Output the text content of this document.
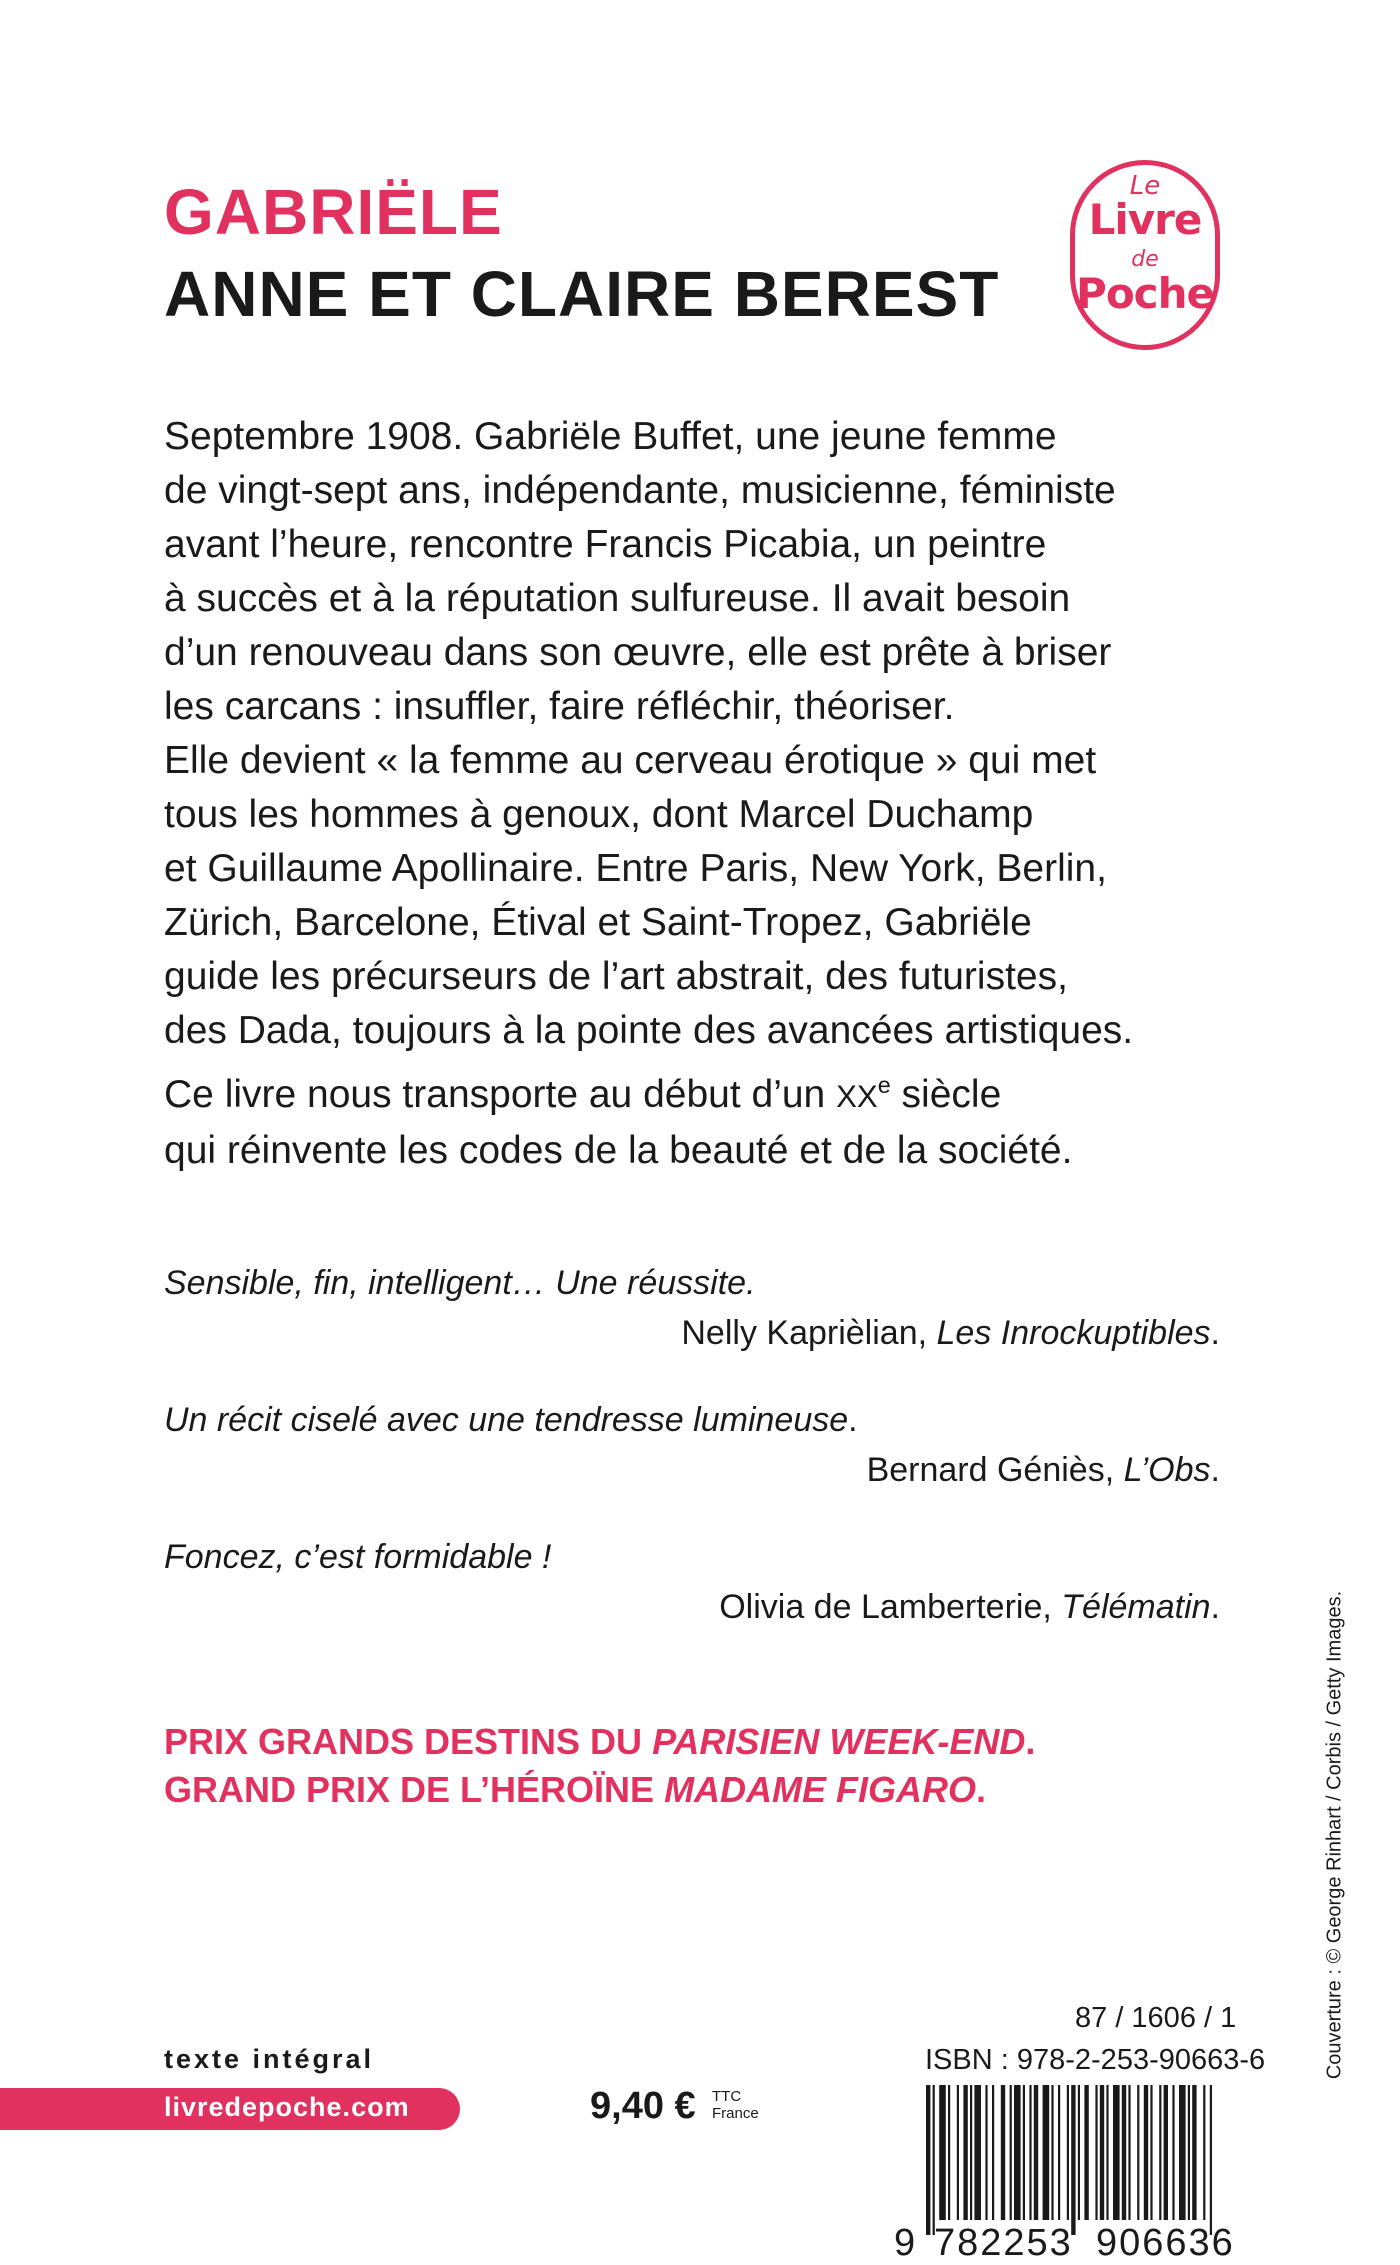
GABRIËLE
ANNE ET CLAIRE BEREST
Le
Livre
de
Poche
Septembre 1908. Gabriële Buffet, une jeune femme
de vingt-sept ans, indépendante, musicienne, féministe
avant l’heure, rencontre Francis Picabia, un peintre
à succès et à la réputation sulfureuse. Il avait besoin
d’un renouveau dans son œuvre, elle est prête à briser
les carcans : insuffler, faire réfléchir, théoriser.
Elle devient « la femme au cerveau érotique » qui met
tous les hommes à genoux, dont Marcel Duchamp
et Guillaume Apollinaire. Entre Paris, New York, Berlin,
Zürich, Barcelone, Étival et Saint-Tropez, Gabriële
guide les précurseurs de l’art abstrait, des futuristes,
des Dada, toujours à la pointe des avancées artistiques.
Ce livre nous transporte au début d’un XXe siècle
qui réinvente les codes de la beauté et de la société.
Sensible, fin, intelligent… Une réussite.
Nelly Kaprièlian, Les Inrockuptibles.
Un récit ciselé avec une tendresse lumineuse.
Bernard Géniès, L’Obs.
Foncez, c’est formidable !
Olivia de Lamberterie, Télématin.
PRIX GRANDS DESTINS DU PARISIEN WEEK-END.
GRAND PRIX DE L’HÉROÏNE MADAME FIGARO.	Couverture : © George Rinhart / Corbis / Getty Images.
texte intégral
livredepoche.com	9,40 € TTC
France
87 / 1606 / 1
ISBN : 978-2-253-90663-6
9 782253 906636
